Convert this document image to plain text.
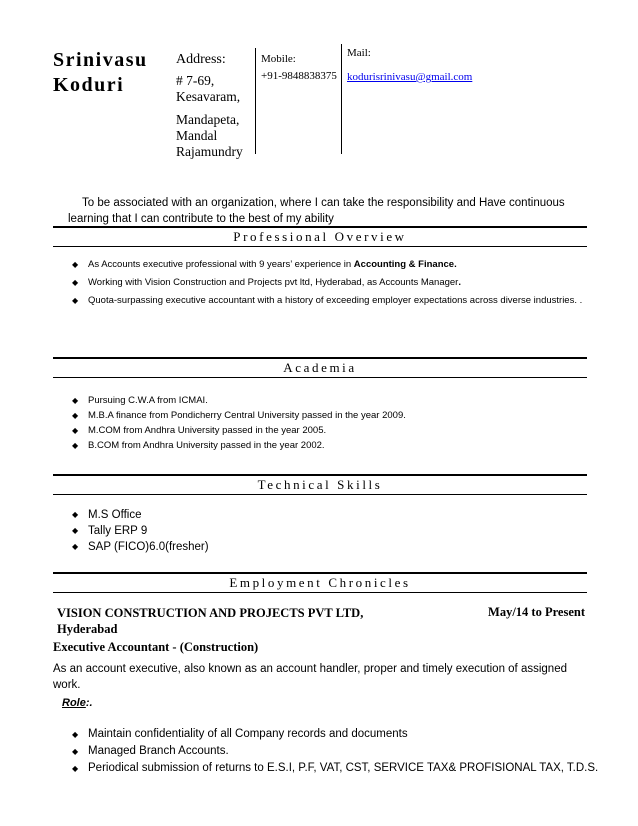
Srinivasu
Koduri
Address:
# 7-69,
Kesavaram,
Mandapeta,
Mandal
Rajamundry
Mobile:
+91-9848838375
Mail:
kodurisrinivasu@gmail.com
To be associated with an organization, where I can take the responsibility and Have continuous learning that I can contribute to the best of my ability
Professional Overview
◆ As Accounts executive professional with 9 years’ experience in Accounting & Finance.
◆ Working with Vision Construction and Projects pvt ltd, Hyderabad, as Accounts Manager.
◆ Quota-surpassing executive accountant with a history of exceeding employer expectations across diverse industries. .
Academia
◆ Pursuing C.W.A from ICMAI.
◆ M.B.A finance from Pondicherry Central University passed in the year 2009.
◆ M.COM from Andhra University passed in the year 2005.
◆ B.COM from Andhra University passed in the year 2002.
Technical Skills
◆ M.S Office
◆ Tally ERP 9
◆ SAP (FICO)6.0(fresher)
Employment Chronicles
VISION CONSTRUCTION AND PROJECTS PVT LTD,
Hyderabad
May/14 to Present
Executive Accountant - (Construction)
As an account executive, also known as an account handler, proper and timely execution of assigned work.
Role:.
◆ Maintain confidentiality of all Company records and documents
◆ Managed Branch Accounts.
◆ Periodical submission of returns to E.S.I, P.F, VAT, CST, SERVICE TAX& PROFISIONAL TAX, T.D.S.
